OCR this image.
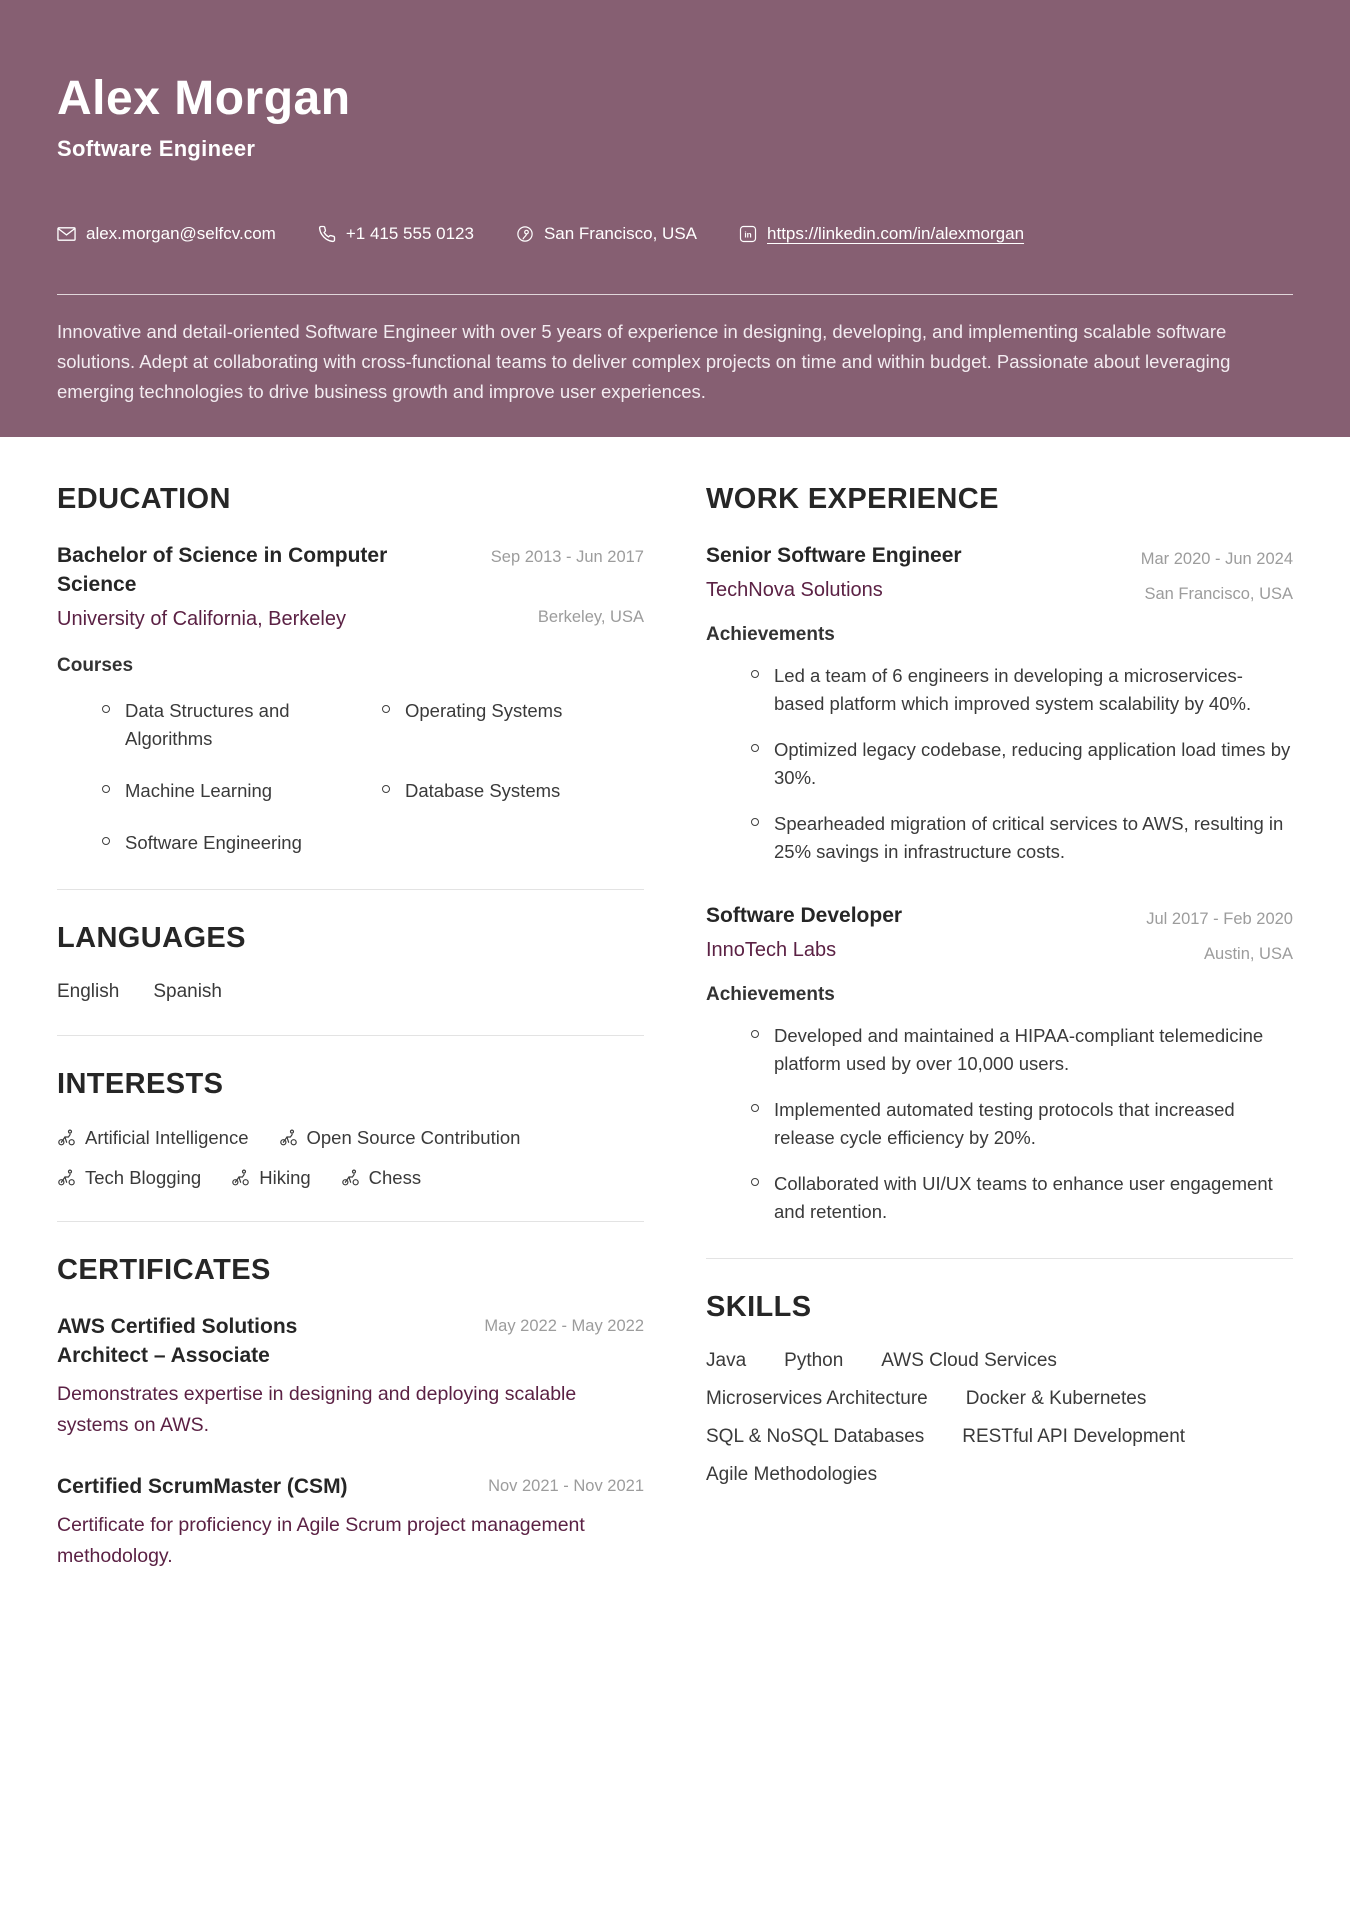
Alex Morgan
Software Engineer
alex.morgan@selfcv.com	+1 415 555 0123	San Francisco, USA	in https://linkedin.com/in/alexmorgan

Innovative and detail-oriented Software Engineer with over 5 years of experience in designing, developing, and implementing scalable software solutions. Adept at collaborating with cross-functional teams to deliver complex projects on time and within budget. Passionate about leveraging emerging technologies to drive business growth and improve user experiences.

EDUCATION
Bachelor of Science in Computer Science
Sep 2013 - Jun 2017
University of California, Berkeley	Berkeley, USA
Courses
Data Structures and Algorithms
Operating Systems
Machine Learning	Database Systems
Software Engineering
LANGUAGES
English Spanish
INTERESTS
Artificial Intelligence	Open Source Contribution
Tech Blogging	Hiking	Chess
CERTIFICATES
AWS Certified Solutions Architect – Associate
May 2022 - May 2022
Demonstrates expertise in designing and deploying scalable systems on AWS.
Certified ScrumMaster (CSM)	Nov 2021 - Nov 2021
Certificate for proficiency in Agile Scrum project management methodology.
WORK EXPERIENCE
Senior Software Engineer
TechNova Solutions
Mar 2020 - Jun 2024
San Francisco, USA
Achievements
Led a team of 6 engineers in developing a microservices-based platform which improved system scalability by 40%.
Optimized legacy codebase, reducing application load times by 30%.
Spearheaded migration of critical services to AWS, resulting in 25% savings in infrastructure costs.
Software Developer
InnoTech Labs
Jul 2017 - Feb 2020
Austin, USA
Achievements
Developed and maintained a HIPAA-compliant telemedicine platform used by over 10,000 users.
Implemented automated testing protocols that increased release cycle efficiency by 20%.
Collaborated with UI/UX teams to enhance user engagement and retention.
SKILLS
Java Python AWS Cloud Services
Microservices Architecture Docker & Kubernetes
SQL & NoSQL Databases RESTful API Development
Agile Methodologies
